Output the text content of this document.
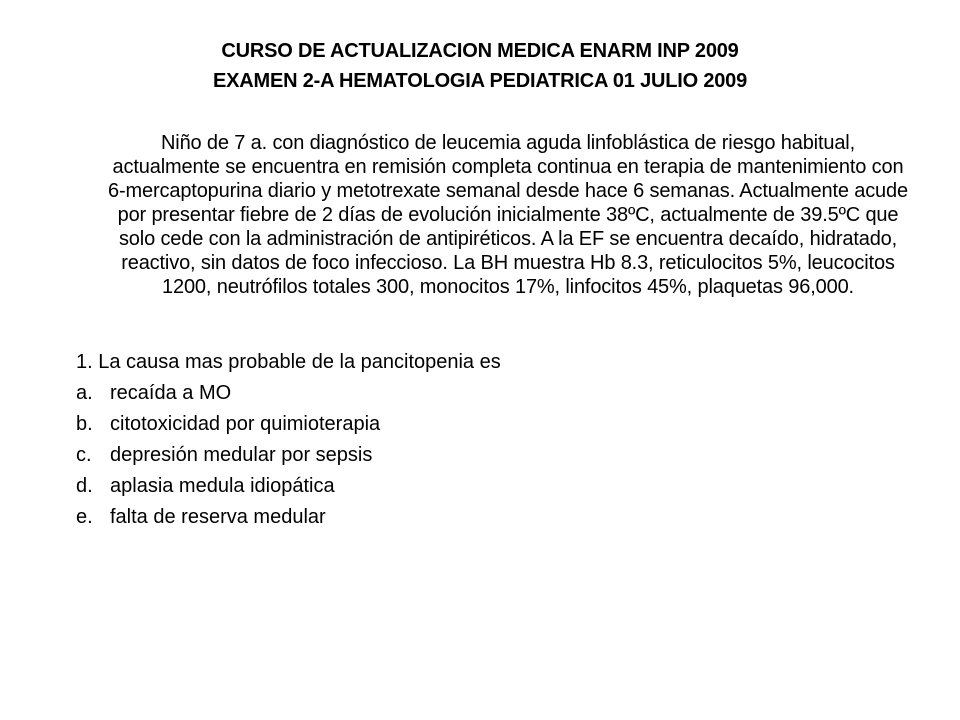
CURSO DE ACTUALIZACION MEDICA ENARM INP 2009
EXAMEN 2-A HEMATOLOGIA PEDIATRICA 01 JULIO 2009
Niño de 7 a. con diagnóstico de leucemia aguda linfoblástica de riesgo habitual, actualmente se encuentra en remisión completa continua en terapia de mantenimiento con 6-mercaptopurina diario y metotrexate semanal desde hace 6 semanas. Actualmente acude por presentar fiebre de 2 días de evolución inicialmente 38ºC, actualmente de 39.5ºC que solo cede con la administración de antipiréticos. A la EF se encuentra decaído, hidratado, reactivo, sin datos de foco infeccioso. La BH muestra Hb 8.3, reticulocitos 5%, leucocitos 1200, neutrófilos totales 300, monocitos 17%, linfocitos 45%, plaquetas 96,000.
1. La causa mas probable de la pancitopenia es
a. recaída a MO
b. citotoxicidad por quimioterapia
c. depresión medular por sepsis
d. aplasia medula idiopática
e. falta de reserva medular
